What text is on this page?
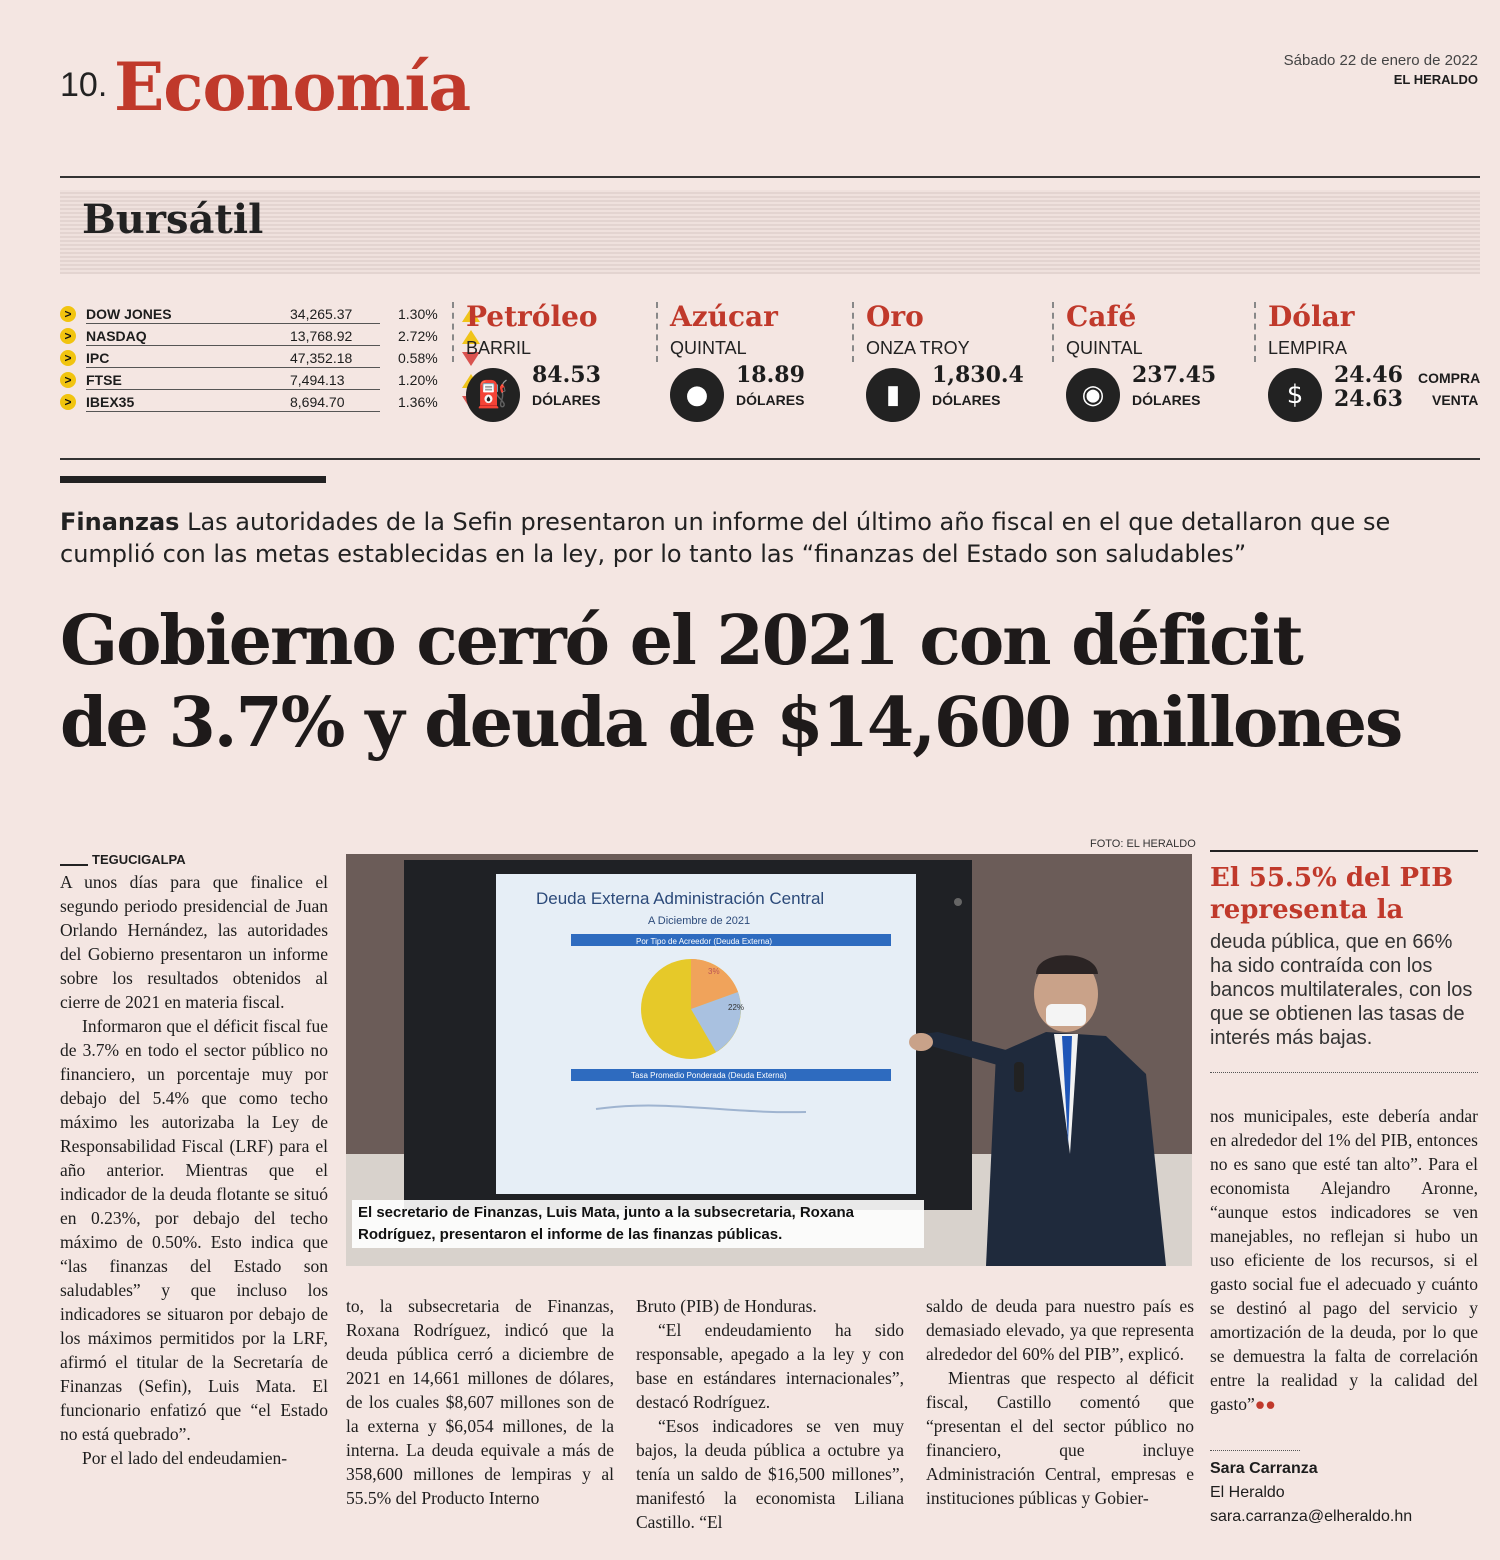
10. Economía	Sábado 22 de enero de 2022
EL HERALDO
Bursátil
>	DOW JONES	34,265.37	1.30%
>	NASDAQ	13,768.92	2.72%
>	IPC	47,352.18	0.58%
>	FTSE	7,494.13	1.20%
>	IBEX35	8,694.70	1.36%
Petróleo
BARRIL
⛽
84.53
DÓLARES
Azúcar
QUINTAL
●
18.89
DÓLARES
Oro
ONZA TROY
▮
1,830.4
DÓLARES
Café
QUINTAL
◉
237.45
DÓLARES
Dólar
LEMPIRA
$
24.46 COMPRA
24.63 VENTA
Finanzas Las autoridades de la Sefin presentaron un informe del último año fiscal en el que detallaron que se cumplió con las metas establecidas en la ley, por lo tanto las “finanzas del Estado son saludables”
Gobierno cerró el 2021 con déficit
de 3.7% y deuda de $14,600 millones
FOTO: EL HERALDO
Deuda Externa Administración Central
A Diciembre de 2021
Por Tipo de Acreedor (Deuda Externa)
3%
22%
Tasa Promedio Ponderada (Deuda Externa)
El secretario de Finanzas, Luis Mata, junto a la subsecretaria, Roxana Rodríguez, presentaron el informe de las finanzas públicas.
TEGUCIGALPA

A unos días para que finalice el segundo periodo presidencial de Juan Orlando Hernández, las autoridades del Gobierno presentaron un informe sobre los resultados obtenidos al cierre de 2021 en materia fiscal.

Informaron que el déficit fiscal fue de 3.7% en todo el sector público no financiero, un porcentaje muy por debajo del 5.4% que como techo máximo les autorizaba la Ley de Responsabilidad Fiscal (LRF) para el año anterior. Mientras que el indicador de la deuda flotante se situó en 0.23%, por debajo del techo máximo de 0.50%. Esto indica que “las finanzas del Estado son saludables” y que incluso los indicadores se situaron por debajo de los máximos permitidos por la LRF, afirmó el titular de la Secretaría de Finanzas (Sefin), Luis Mata. El funcionario enfatizó que “el Estado no está quebrado”.

Por el lado del endeudamien-

to, la subsecretaria de Finanzas, Roxana Rodríguez, indicó que la deuda pública cerró a diciembre de 2021 en 14,661 millones de dólares, de los cuales $8,607 millones son de la externa y $6,054 millones, de la interna. La deuda equivale a más de 358,600 millones de lempiras y al 55.5% del Producto Interno

Bruto (PIB) de Honduras.

“El endeudamiento ha sido responsable, apegado a la ley y con base en estándares internacionales”, destacó Rodríguez.

“Esos indicadores se ven muy bajos, la deuda pública a octubre ya tenía un saldo de $16,500 millones”, manifestó la economista Liliana Castillo. “El

saldo de deuda para nuestro país es demasiado elevado, ya que representa alrededor del 60% del PIB”, explicó.

Mientras que respecto al déficit fiscal, Castillo comentó que “presentan el del sector público no financiero, que incluye Administración Central, empresas e instituciones públicas y Gobier-

El 55.5% del PIB representa la
deuda pública, que en 66% ha sido contraída con los bancos multilaterales, con los que se obtienen las tasas de interés más bajas.

nos municipales, este debería andar en alrededor del 1% del PIB, entonces no es sano que esté tan alto”. Para el economista Alejandro Aronne, “aunque estos indicadores se ven manejables, no reflejan si hubo un uso eficiente de los recursos, si el gasto social fue el adecuado y cuánto se destinó al pago del servicio y amortización de la deuda, por lo que se demuestra la falta de correlación entre la realidad y la calidad del gasto”●●

Sara Carranza
El Heraldo
sara.carranza@elheraldo.hn
